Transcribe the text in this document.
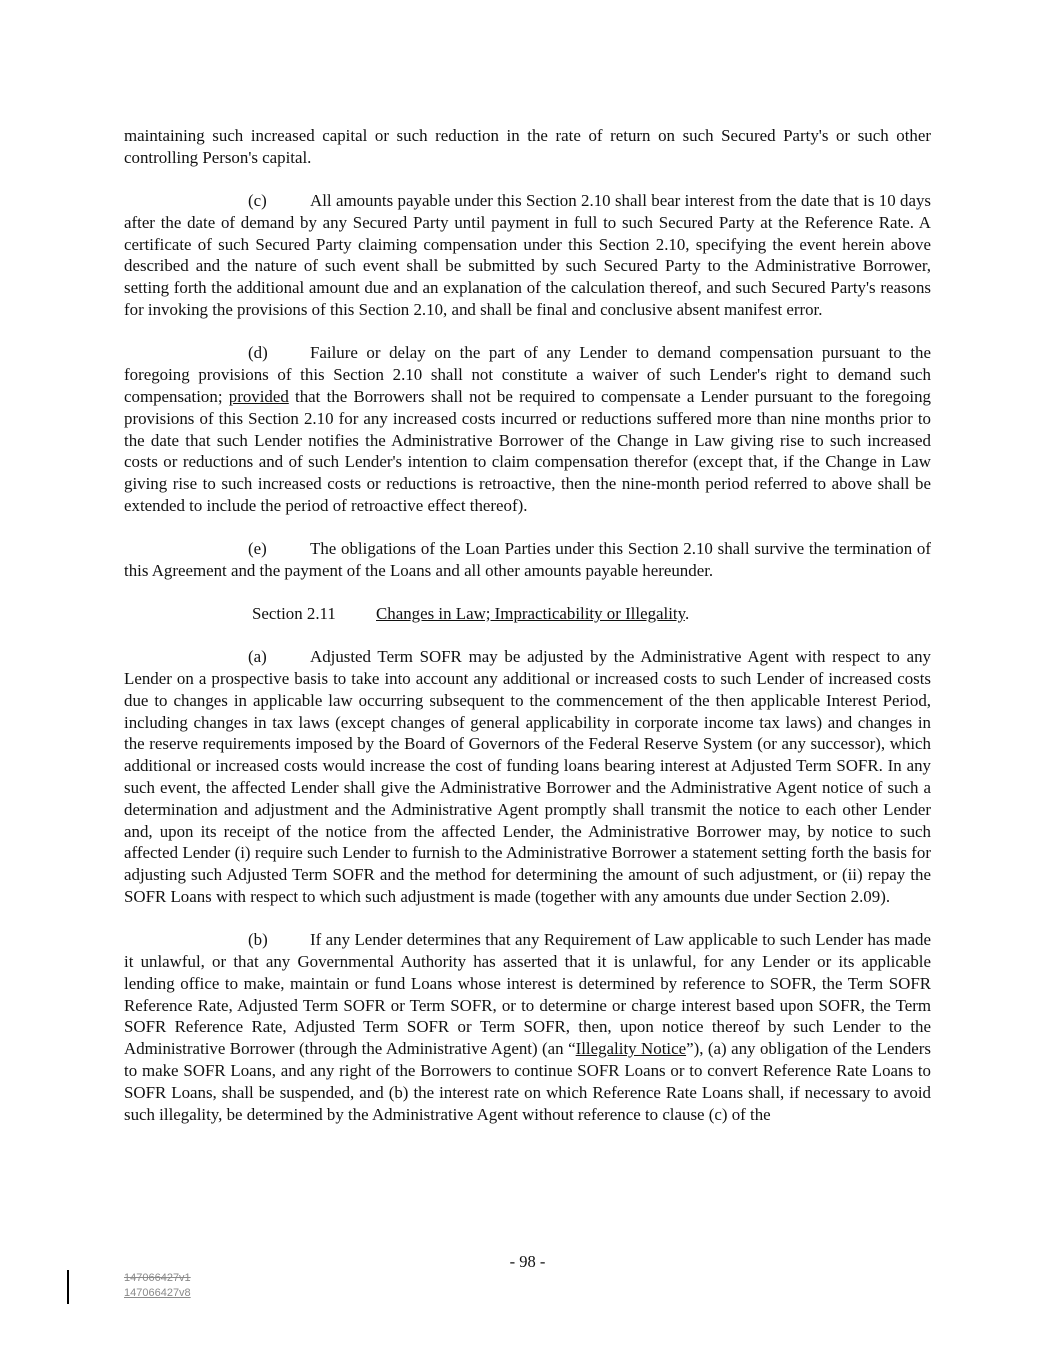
maintaining such increased capital or such reduction in the rate of return on such Secured Party's or such other controlling Person's capital.

(c)	All amounts payable under this Section 2.10 shall bear interest from the date that is 10 days after the date of demand by any Secured Party until payment in full to such Secured Party at the Reference Rate. A certificate of such Secured Party claiming compensation under this Section 2.10, specifying the event herein above described and the nature of such event shall be submitted by such Secured Party to the Administrative Borrower, setting forth the additional amount due and an explanation of the calculation thereof, and such Secured Party's reasons for invoking the provisions of this Section 2.10, and shall be final and conclusive absent manifest error.

(d)	Failure or delay on the part of any Lender to demand compensation pursuant to the foregoing provisions of this Section 2.10 shall not constitute a waiver of such Lender's right to demand such compensation; provided that the Borrowers shall not be required to compensate a Lender pursuant to the foregoing provisions of this Section 2.10 for any increased costs incurred or reductions suffered more than nine months prior to the date that such Lender notifies the Administrative Borrower of the Change in Law giving rise to such increased costs or reductions and of such Lender's intention to claim compensation therefor (except that, if the Change in Law giving rise to such increased costs or reductions is retroactive, then the nine-month period referred to above shall be extended to include the period of retroactive effect thereof).

(e)	The obligations of the Loan Parties under this Section 2.10 shall survive the termination of this Agreement and the payment of the Loans and all other amounts payable hereunder.

Section 2.11 Changes in Law; Impracticability or Illegality.

(a)	Adjusted Term SOFR may be adjusted by the Administrative Agent with respect to any Lender on a prospective basis to take into account any additional or increased costs to such Lender of increased costs due to changes in applicable law occurring subsequent to the commencement of the then applicable Interest Period, including changes in tax laws (except changes of general applicability in corporate income tax laws) and changes in the reserve requirements imposed by the Board of Governors of the Federal Reserve System (or any successor), which additional or increased costs would increase the cost of funding loans bearing interest at Adjusted Term SOFR. In any such event, the affected Lender shall give the Administrative Borrower and the Administrative Agent notice of such a determination and adjustment and the Administrative Agent promptly shall transmit the notice to each other Lender and, upon its receipt of the notice from the affected Lender, the Administrative Borrower may, by notice to such affected Lender (i) require such Lender to furnish to the Administrative Borrower a statement setting forth the basis for adjusting such Adjusted Term SOFR and the method for determining the amount of such adjustment, or (ii) repay the SOFR Loans with respect to which such adjustment is made (together with any amounts due under Section 2.09).

(b)	If any Lender determines that any Requirement of Law applicable to such Lender has made it unlawful, or that any Governmental Authority has asserted that it is unlawful, for any Lender or its applicable lending office to make, maintain or fund Loans whose interest is determined by reference to SOFR, the Term SOFR Reference Rate, Adjusted Term SOFR or Term SOFR, or to determine or charge interest based upon SOFR, the Term SOFR Reference Rate, Adjusted Term SOFR or Term SOFR, then, upon notice thereof by such Lender to the Administrative Borrower (through the Administrative Agent) (an “Illegality Notice”), (a) any obligation of the Lenders to make SOFR Loans, and any right of the Borrowers to continue SOFR Loans or to convert Reference Rate Loans to SOFR Loans, shall be suspended, and (b) the interest rate on which Reference Rate Loans shall, if necessary to avoid such illegality, be determined by the Administrative Agent without reference to clause (c) of the

- 98 -
147066427v1
147066427v8
